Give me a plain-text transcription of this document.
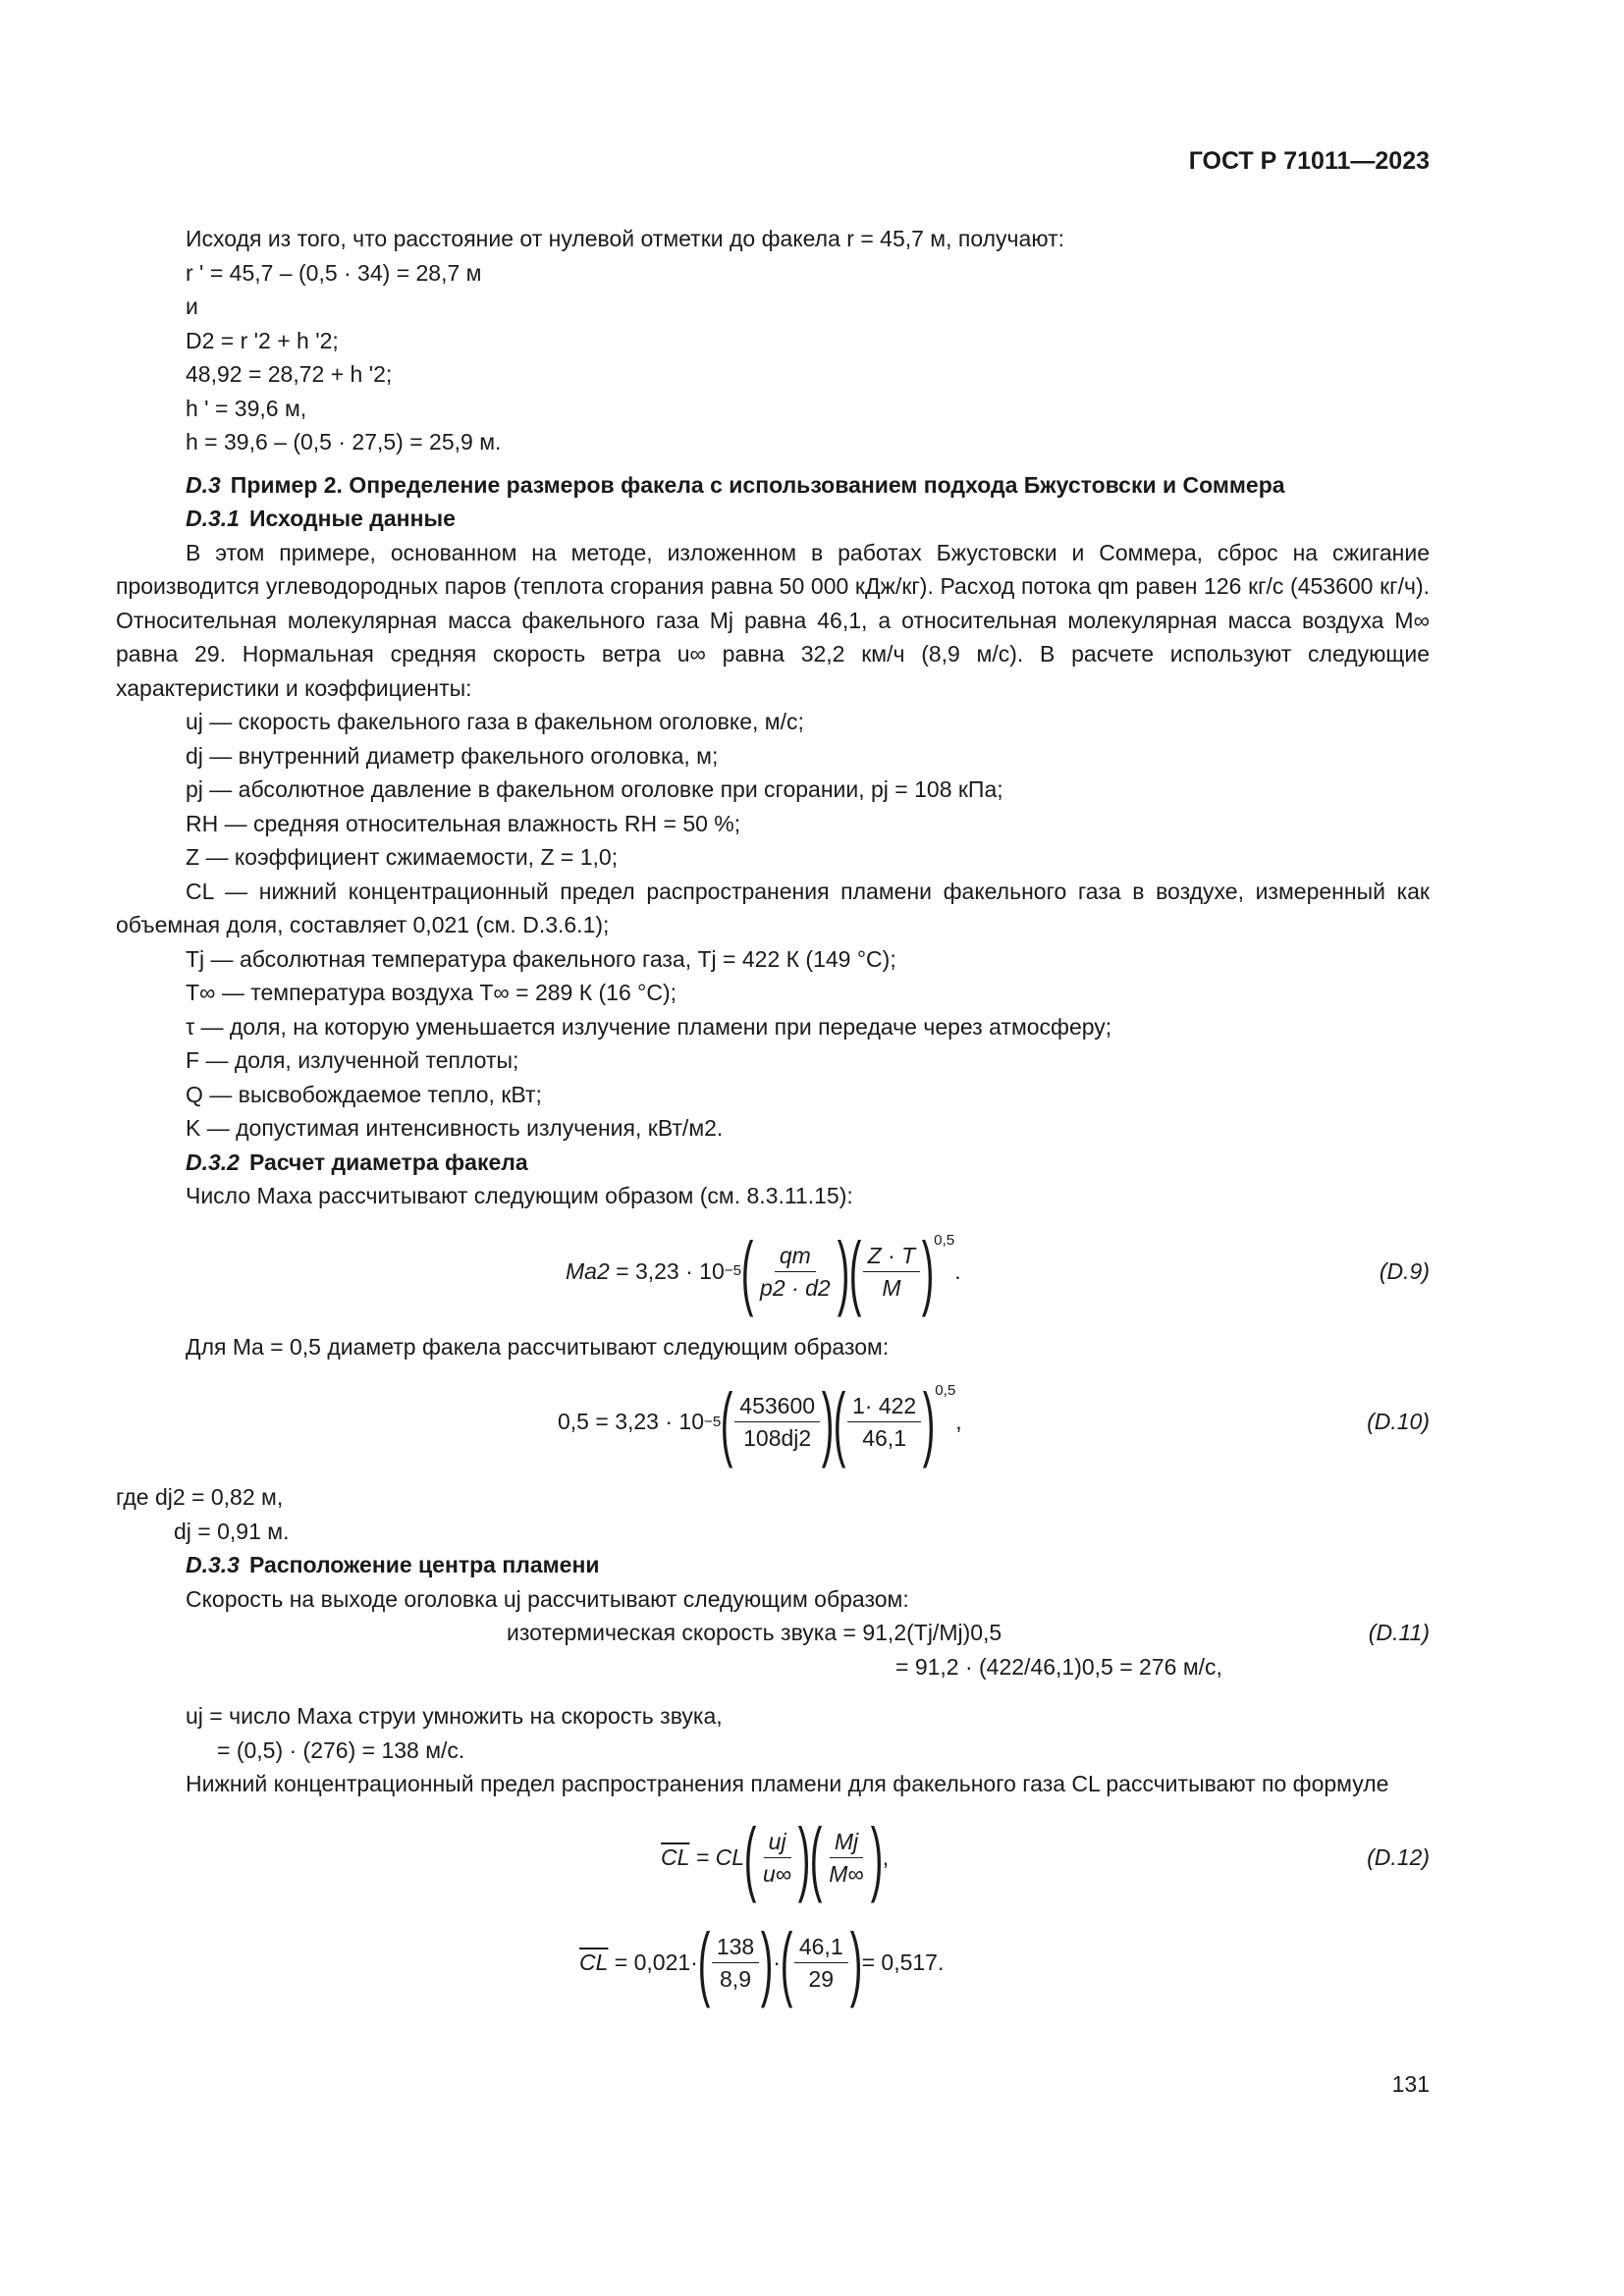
ГОСТ Р 71011—2023

Исходя из того, что расстояние от нулевой отметки до факела r = 45,7 м, получают:

r ' = 45,7 – (0,5 · 34) = 28,7 м

и

D2 = r '2 + h '2;

48,92 = 28,72 + h '2;

h ' = 39,6 м,

h = 39,6 – (0,5 · 27,5) = 25,9 м.

D.3 Пример 2. Определение размеров факела с использованием подхода Бжустовски и Соммера

D.3.1 Исходные данные

В этом примере, основанном на методе, изложенном в работах Бжустовски и Соммера, сброс на сжигание производится углеводородных паров (теплота сгорания равна 50 000 кДж/кг). Расход потока qm равен 126 кг/с (453600 кг/ч). Относительная молекулярная масса факельного газа Mj равна 46,1, а относительная молекулярная масса воздуха M∞ равна 29. Нормальная средняя скорость ветра u∞ равна 32,2 км/ч (8,9 м/с). В расчете используют следующие характеристики и коэффициенты:

uj — скорость факельного газа в факельном оголовке, м/с;

dj — внутренний диаметр факельного оголовка, м;

pj — абсолютное давление в факельном оголовке при сгорании, pj = 108 кПа;

RH — средняя относительная влажность RH = 50 %;

Z — коэффициент сжимаемости, Z = 1,0;

CL — нижний концентрационный предел распространения пламени факельного газа в воздухе, измеренный как объемная доля, составляет 0,021 (см. D.3.6.1);

Tj — абсолютная температура факельного газа, Tj = 422 К (149 °С);

T∞ — температура воздуха T∞ = 289 К (16 °С);

τ — доля, на которую уменьшается излучение пламени при передаче через атмосферу;

F — доля, излученной теплоты;

Q — высвобождаемое тепло, кВт;

K — допустимая интенсивность излучения, кВт/м2.

D.3.2 Расчет диаметра факела

Число Маха рассчитывают следующим образом (см. 8.3.11.15):

Ma2
= 3,23 · 10 −5 ( $\frac{qm}{p2 \cdot d2}$ ) ( $\frac{Z \cdot T}{M}$ ) 0,5
.	(D.9)

Для Ma = 0,5 диаметр факела рассчитывают следующим образом:

0,5
= 3,23 · 10 −5 ( $\frac{453600}{108dj2}$ ) ( $\frac{1\cdot 422}{46,1}$ ) 0,5
,	(D.10)

где dj2 = 0,82 м,

dj = 0,91 м.

D.3.3 Расположение центра пламени

Скорость на выходе оголовка uj рассчитывают следующим образом:

изотермическая скорость звука = 91,2(Tj/Mj)0,5	(D.11)
= 91,2 · (422/46,1)0,5 = 276 м/с,

uj = число Маха струи умножить на скорость звука,

= (0,5) · (276) = 138 м/с.

Нижний концентрационный предел распространения пламени для факельного газа CL рассчитывают по формуле

$\overline{CL}$
= CL ( $\frac{uj}{u\infty}$ ) ( $\frac{Mj}{M\infty}$ ) ,	(D.12)
$\overline{CL}$
= 0,021· ( $\frac{138}{8,9}$ ) · ( $\frac{46,1}{29}$ ) = 0,517.
131
